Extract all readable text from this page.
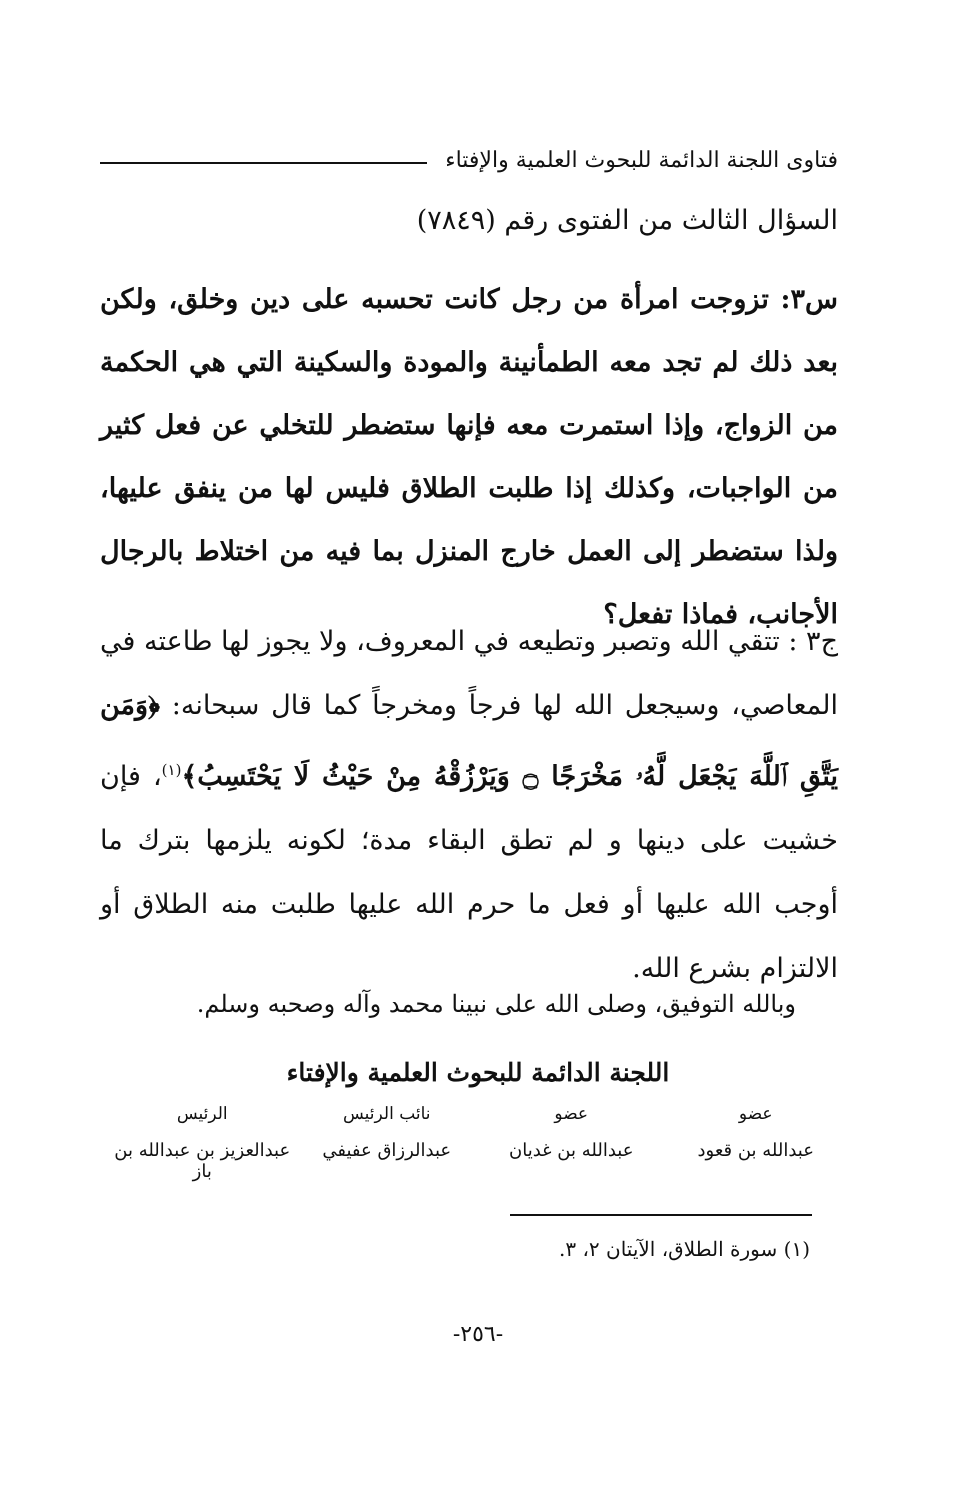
فتاوى اللجنة الدائمة للبحوث العلمية والإفتاء
السؤال الثالث من الفتوى رقم (٧٨٤٩)
س٣: تزوجت امرأة من رجل كانت تحسبه على دين وخلق، ولكن بعد ذلك لم تجد معه الطمأنينة والمودة والسكينة التي هي الحكمة من الزواج، وإذا استمرت معه فإنها ستضطر للتخلي عن فعل كثير من الواجبات، وكذلك إذا طلبت الطلاق فليس لها من ينفق عليها، ولذا ستضطر إلى العمل خارج المنزل بما فيه من اختلاط بالرجال الأجانب، فماذا تفعل؟
ج٣ : تتقي الله وتصبر وتطيعه في المعروف، ولا يجوز لها طاعته في المعاصي، وسيجعل الله لها فرجاً ومخرجاً كما قال سبحانه: ﴿وَمَن يَتَّقِ ٱللَّهَ يَجْعَل لَّهُۥ مَخْرَجًا ۝ وَيَرْزُقْهُ مِنْ حَيْثُ لَا يَحْتَسِبُ﴾$^{(١)}$، فإن خشيت على دينها و لم تطق البقاء مدة؛ لكونه يلزمها بترك ما أوجب الله عليها أو فعل ما حرم الله عليها طلبت منه الطلاق أو الالتزام بشرع الله.
وبالله التوفيق، وصلى الله على نبينا محمد وآله وصحبه وسلم.
اللجنة الدائمة للبحوث العلمية والإفتاء
عضو
عضو
نائب الرئيس
الرئيس
عبدالله بن قعود
عبدالله بن غديان
عبدالرزاق عفيفي
عبدالعزيز بن عبدالله بن باز
(١) سورة الطلاق، الآيتان ٢، ٣.
-٢٥٦-
